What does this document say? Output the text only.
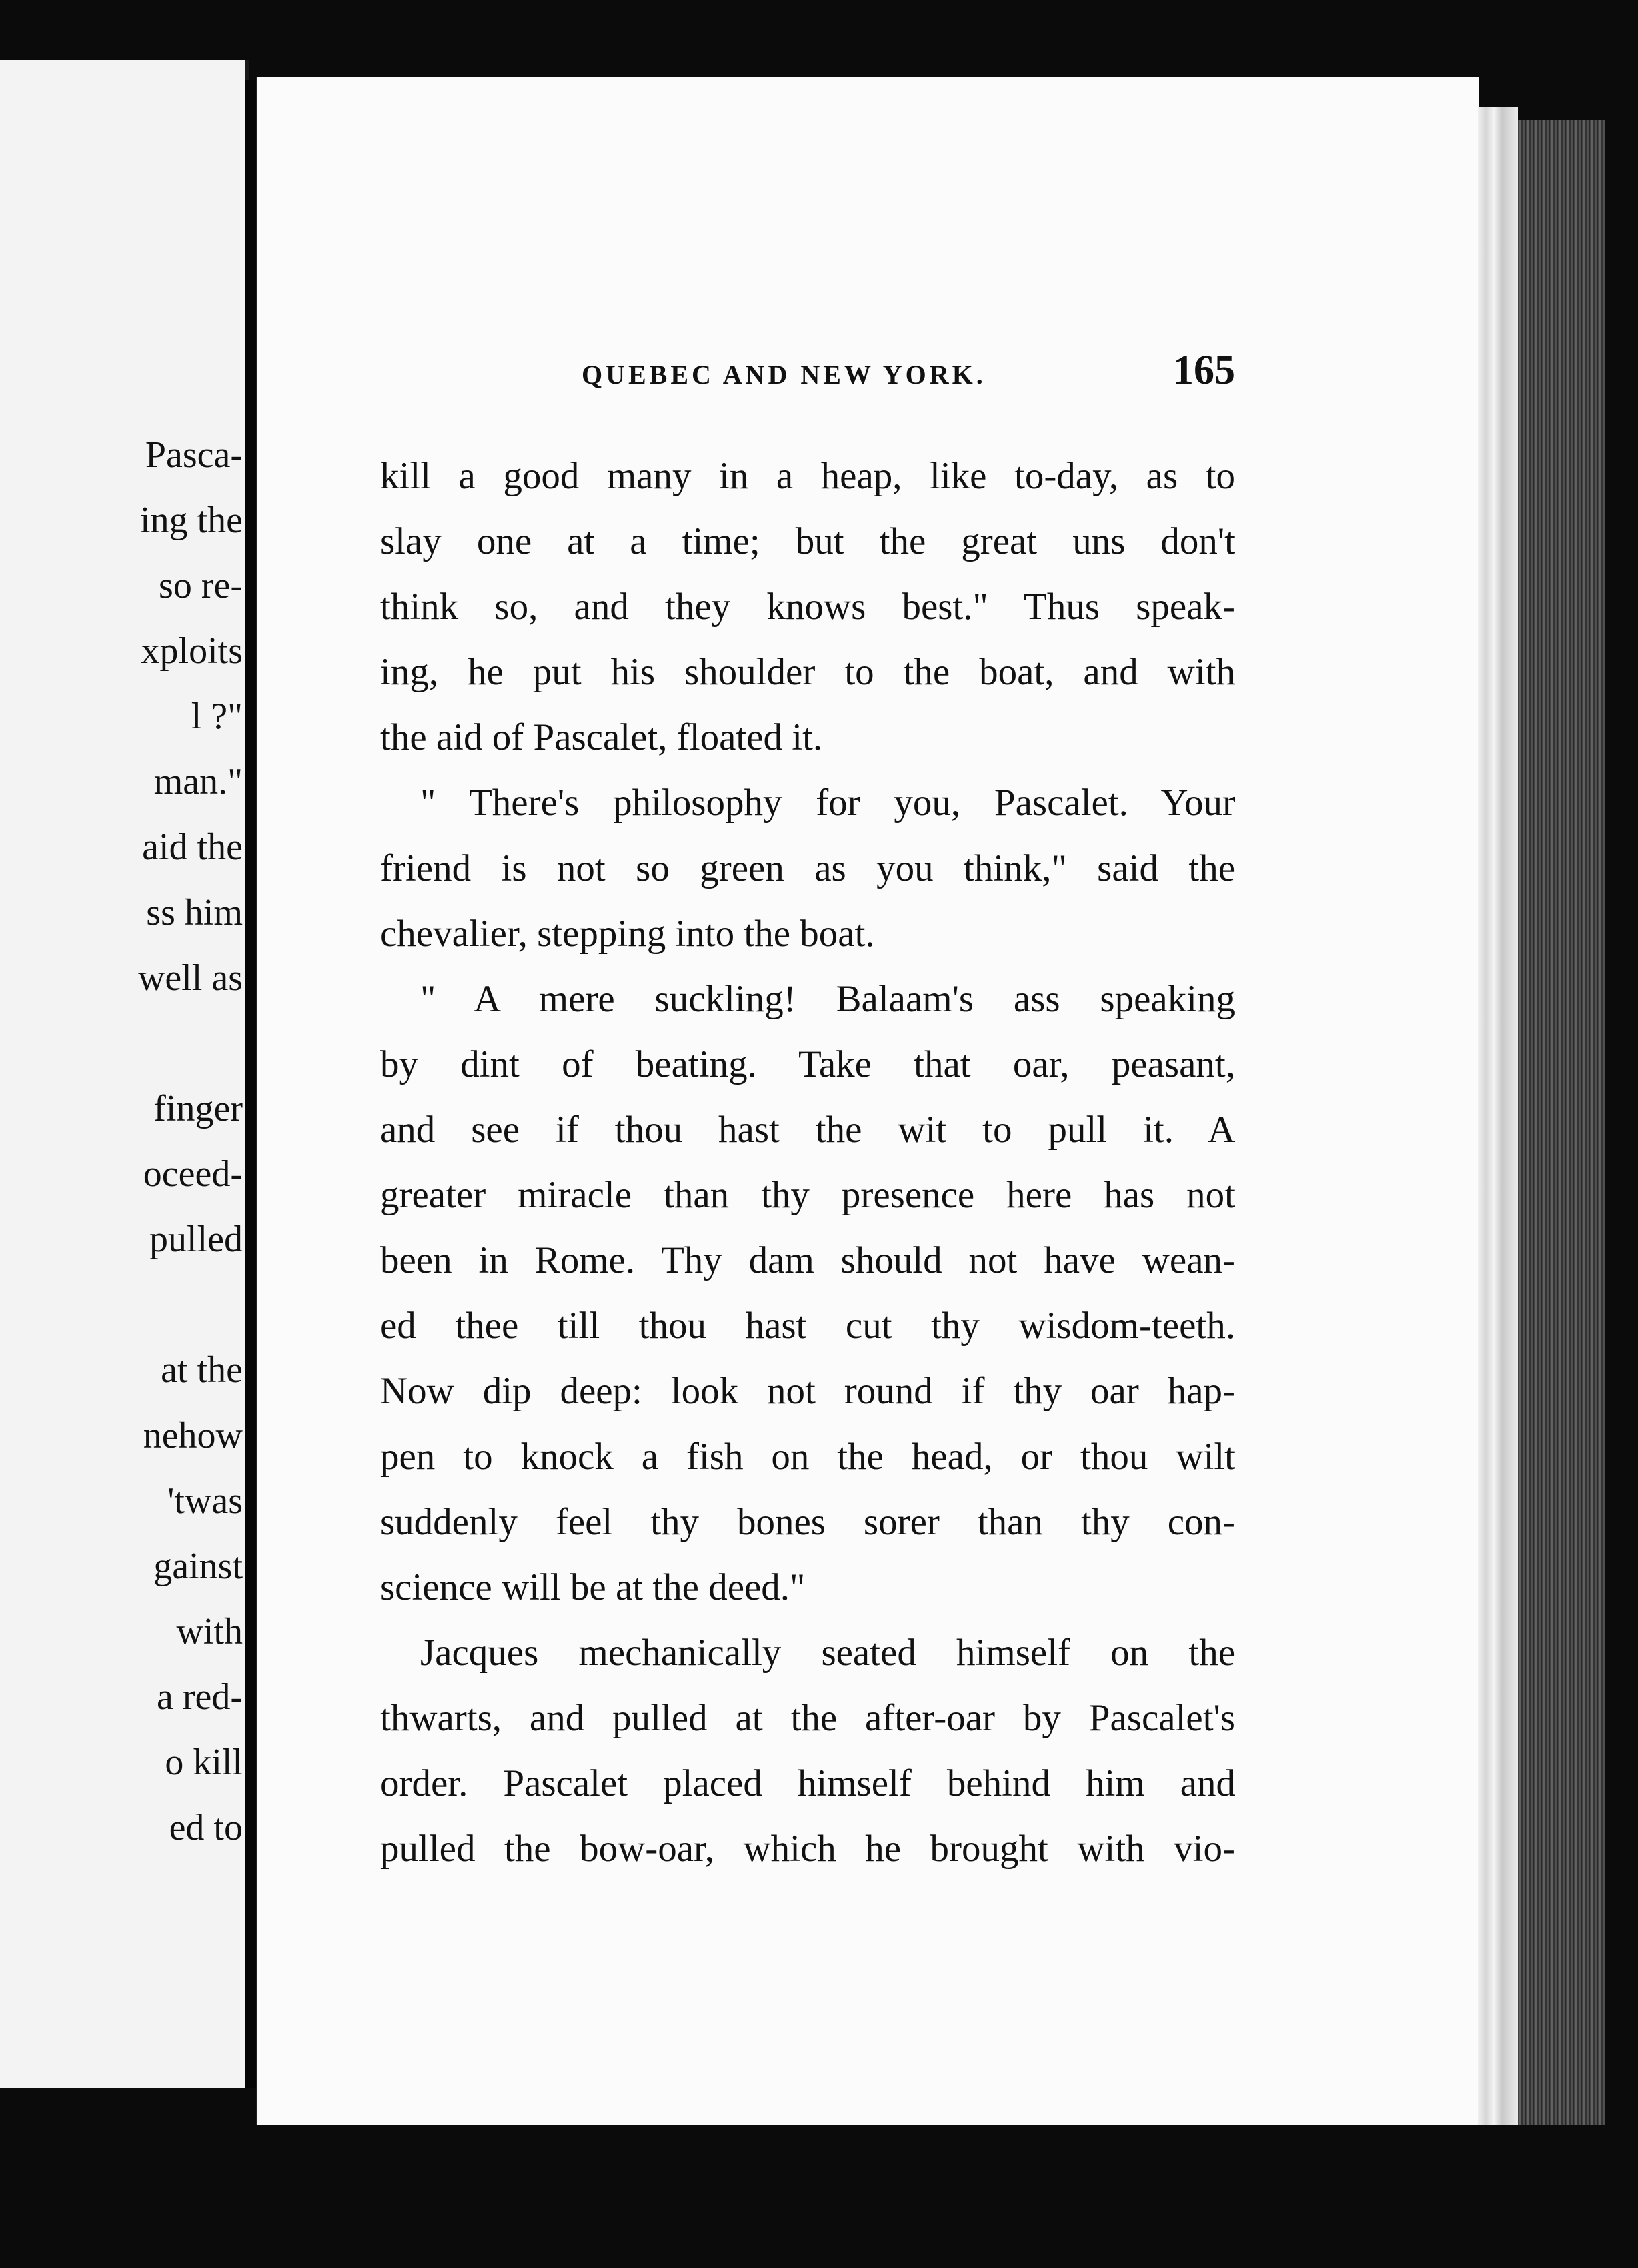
Pasca-
ing the
so re-
xploits
l ?"
man."
aid the
ss him
well as
finger
oceed-
pulled
at the
nehow
'twas
gainst
with
a red-
o kill
ed to
QUEBEC AND NEW YORK.	165
kill a good many in a heap, like to-day, as to
slay one at a time; but the great uns don't
think so, and they knows best." Thus speak-
ing, he put his shoulder to the boat, and with
the aid of Pascalet, floated it.
" There's philosophy for you, Pascalet. Your
friend is not so green as you think," said the
chevalier, stepping into the boat.
" A mere suckling! Balaam's ass speaking
by dint of beating. Take that oar, peasant,
and see if thou hast the wit to pull it. A
greater miracle than thy presence here has not
been in Rome. Thy dam should not have wean-
ed thee till thou hast cut thy wisdom-teeth.
Now dip deep: look not round if thy oar hap-
pen to knock a fish on the head, or thou wilt
suddenly feel thy bones sorer than thy con-
science will be at the deed."
Jacques mechanically seated himself on the
thwarts, and pulled at the after-oar by Pascalet's
order. Pascalet placed himself behind him and
pulled the bow-oar, which he brought with vio-
